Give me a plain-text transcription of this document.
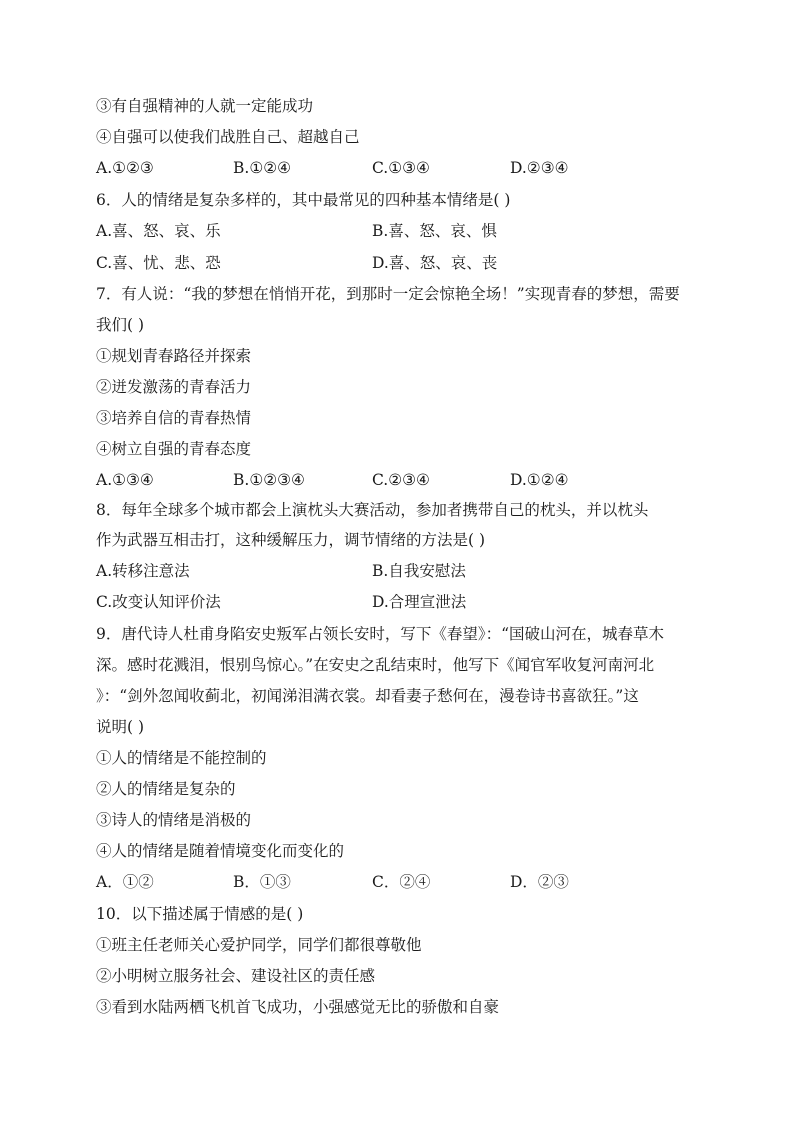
③有自强精神的人就一定能成功
④自强可以使我们战胜自己、超越自己
A.①②③	B.①②④	C.①③④	D.②③④
6．人的情绪是复杂多样的，其中最常见的四种基本情绪是( )
A.喜、怒、哀、乐	B.喜、怒、哀、惧
C.喜、忧、悲、恐	D.喜、怒、哀、丧
7．有人说：“我的梦想在悄悄开花，到那时一定会惊艳全场！”实现青春的梦想，需要
我们( )
①规划青春路径并探索
②迸发激荡的青春活力
③培养自信的青春热情
④树立自强的青春态度
A.①③④	B.①②③④	C.②③④	D.①②④
8．每年全球多个城市都会上演枕头大赛活动，参加者携带自己的枕头，并以枕头
作为武器互相击打，这种缓解压力，调节情绪的方法是( )
A.转移注意法	B.自我安慰法
C.改变认知评价法	D.合理宣泄法
9．唐代诗人杜甫身陷安史叛军占领长安时，写下《春望》：“国破山河在，城春草木
深。感时花溅泪，恨别鸟惊心。”在安史之乱结束时，他写下《闻官军收复河南河北
》：“剑外忽闻收蓟北，初闻涕泪满衣裳。却看妻子愁何在，漫卷诗书喜欲狂。”这
说明( )
①人的情绪是不能控制的
②人的情绪是复杂的
③诗人的情绪是消极的
④人的情绪是随着情境变化而变化的
A．①②	B．①③	C．②④	D．②③
10．以下描述属于情感的是( )
①班主任老师关心爱护同学，同学们都很尊敬他
②小明树立服务社会、建设社区的责任感
③看到水陆两栖飞机首飞成功，小强感觉无比的骄傲和自豪
